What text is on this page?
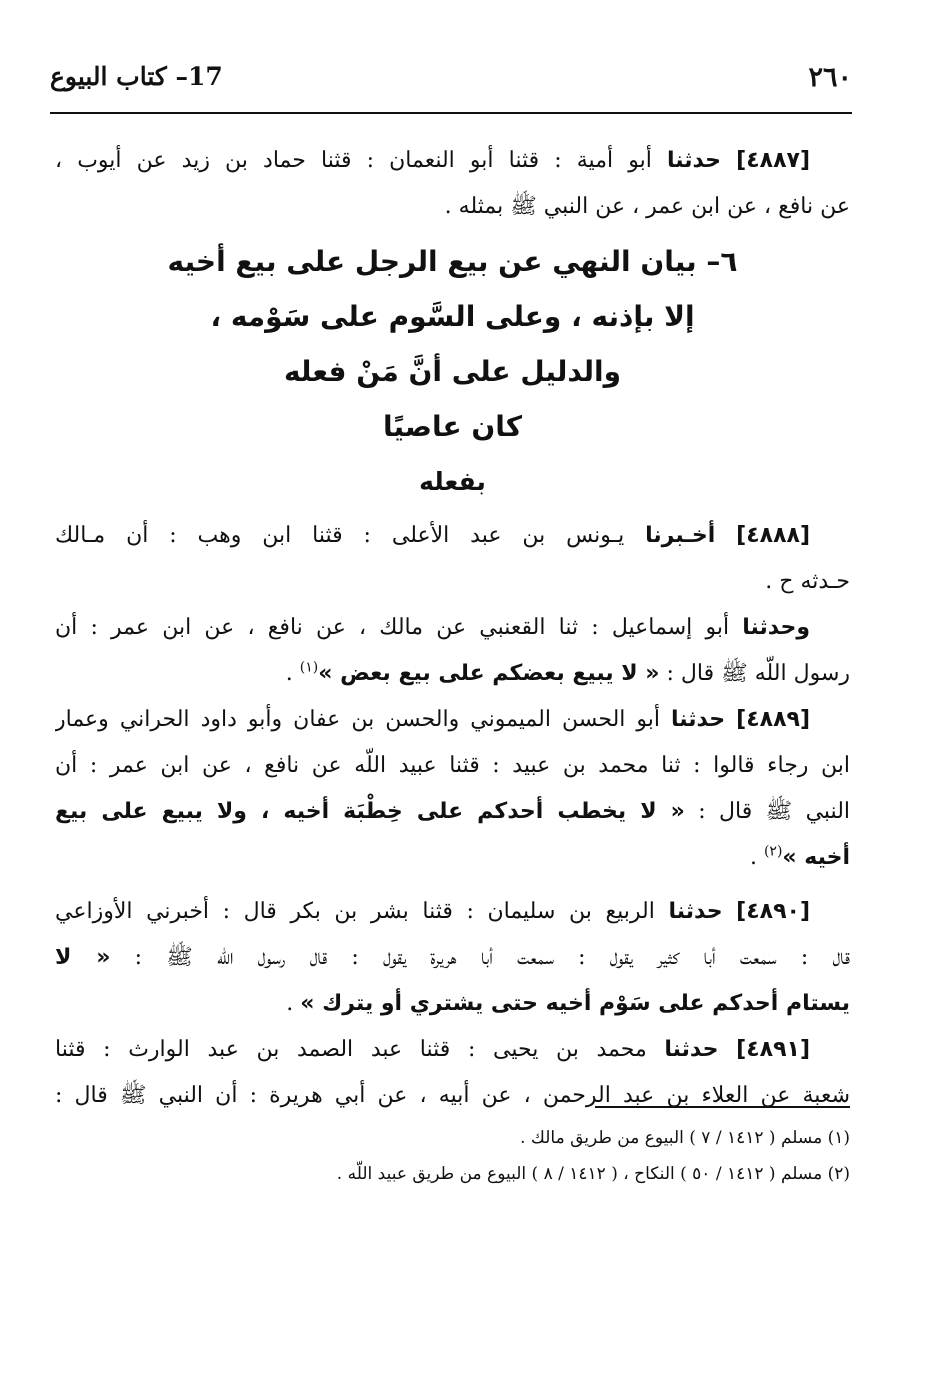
٢٦٠
17– كتاب البيوع
[٤٨٨٧] حدثنا أبو أمية : قثنا أبو النعمان : قثنا حماد بن زيد عن أيوب ،
عن نافع ، عن ابن عمر ، عن النبي ﷺ بمثله .
٦– بيان النهي عن بيع الرجل على بيع أخيه
إلا بإذنه ، وعلى السَّوم على سَوْمه ،
والدليل على أنَّ مَنْ فعله
كان عاصيًا
بفعله
[٤٨٨٨] أخـبرنا يـونس بن عبد الأعلى : قثنا ابن وهب : أن مـالك
حـدثه ح .
وحدثنا أبو إسماعيل : ثنا القعنبي عن مالك ، عن نافع ، عن ابن عمر : أن
رسول اللّه ﷺ قال : « لا يبيع بعضكم على بيع بعض »$^{(١)}$ .
[٤٨٨٩] حدثنا أبو الحسن الميموني والحسن بن عفان وأبو داود الحراني وعمار
ابن رجاء قالوا : ثنا محمد بن عبيد : قثنا عبيد اللّه عن نافع ، عن ابن عمر : أن
النبي ﷺ قال : « لا يخطب أحدكم على خِطْبَة أخيه ، ولا يبيع على بيع
أخيه »$^{(٢)}$ .
[٤٨٩٠] حدثنا الربيع بن سليمان : قثنا بشر بن بكر قال : أخبرني الأوزاعي
قال : سمعت أبا كثير يقول : سمعت أبا هريرة يقول : قال رسول اللّه ﷺ : « لا
يستام أحدكم على سَوْم أخيه حتى يشتري أو يترك » .
[٤٨٩١] حدثنا محمد بن يحيى : قثنا عبد الصمد بن عبد الوارث : قثنا
شعبة عن العلاء بن عبد الرحمن ، عن أبيه ، عن أبي هريرة : أن النبي ﷺ قال :
(١) مسلم ( ١٤١٢ / ٧ ) البيوع من طريق مالك .
(٢) مسلم ( ١٤١٢ / ٥٠ ) النكاح ، ( ١٤١٢ / ٨ ) البيوع من طريق عبيد اللّه .
